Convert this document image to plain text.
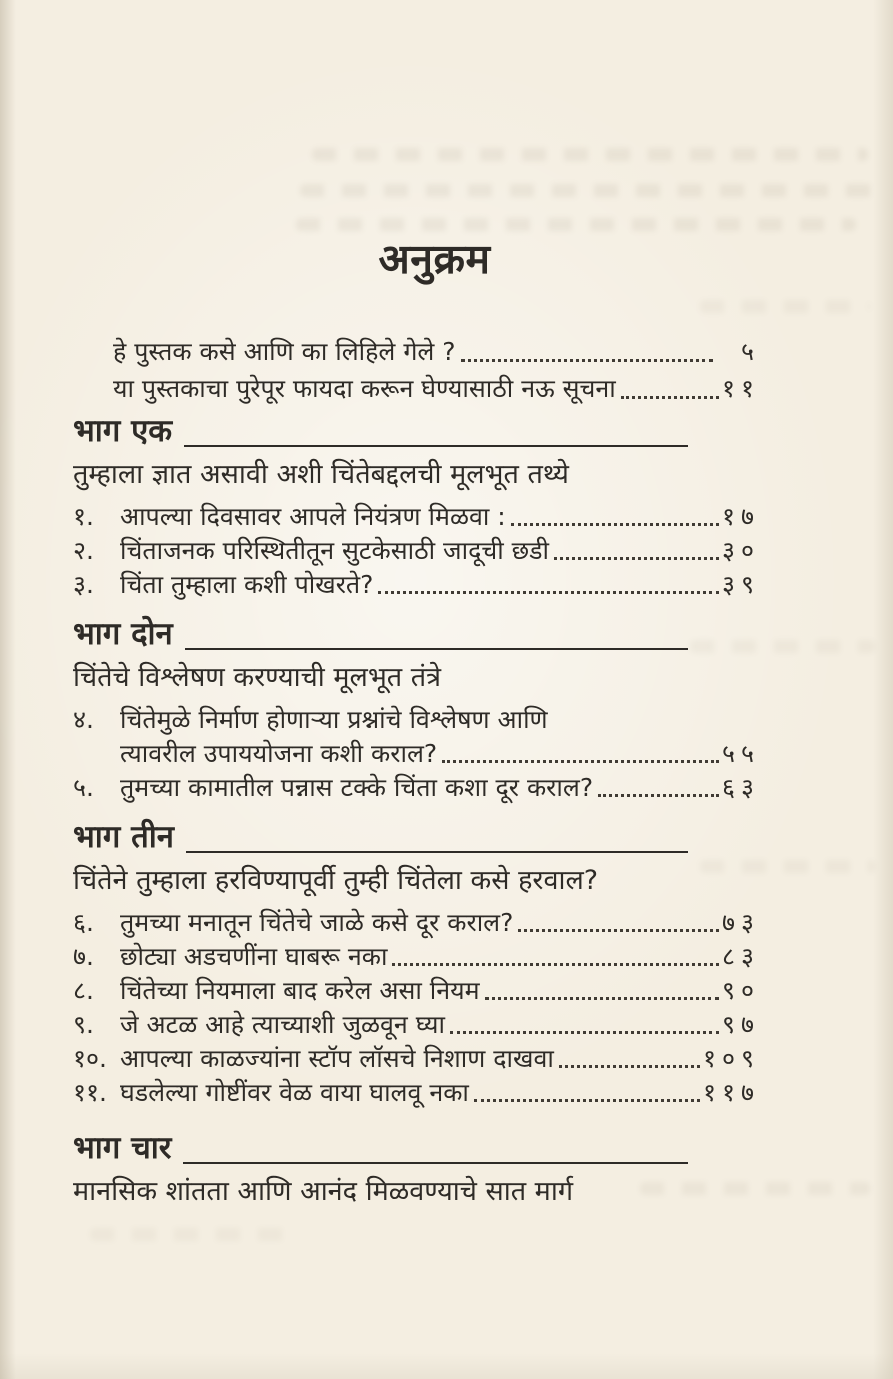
अनुक्रम
हे पुस्तक कसे आणि का लिहिले गेले ?	५
या पुस्तकाचा पुरेपूर फायदा करून घेण्यासाठी नऊ सूचना	११
भाग एक
तुम्हाला ज्ञात असावी अशी चिंतेबद्दलची मूलभूत तथ्ये
१.	आपल्या दिवसावर आपले नियंत्रण मिळवा :	१७
२.	चिंताजनक परिस्थितीतून सुटकेसाठी जादूची छडी	३०
३.	चिंता तुम्हाला कशी पोखरते?	३९
भाग दोन
चिंतेचे विश्लेषण करण्याची मूलभूत तंत्रे
४.	चिंतेमुळे निर्माण होणाऱ्या प्रश्नांचे विश्लेषण आणि
त्यावरील उपाययोजना कशी कराल?	५५
५.	तुमच्या कामातील पन्नास टक्के चिंता कशा दूर कराल?	६३
भाग तीन
चिंतेने तुम्हाला हरविण्यापूर्वी तुम्ही चिंतेला कसे हरवाल?
६.	तुमच्या मनातून चिंतेचे जाळे कसे दूर कराल?	७३
७.	छोट्या अडचणींना घाबरू नका	८३
८.	चिंतेच्या नियमाला बाद करेल असा नियम	९०
९.	जे अटळ आहे त्याच्याशी जुळवून घ्या	९७
१०. आपल्या काळज्यांना स्टॉप लॉसचे निशाण दाखवा	१०९
११. घडलेल्या गोष्टींवर वेळ वाया घालवू नका	११७
भाग चार
मानसिक शांतता आणि आनंद मिळवण्याचे सात मार्ग
